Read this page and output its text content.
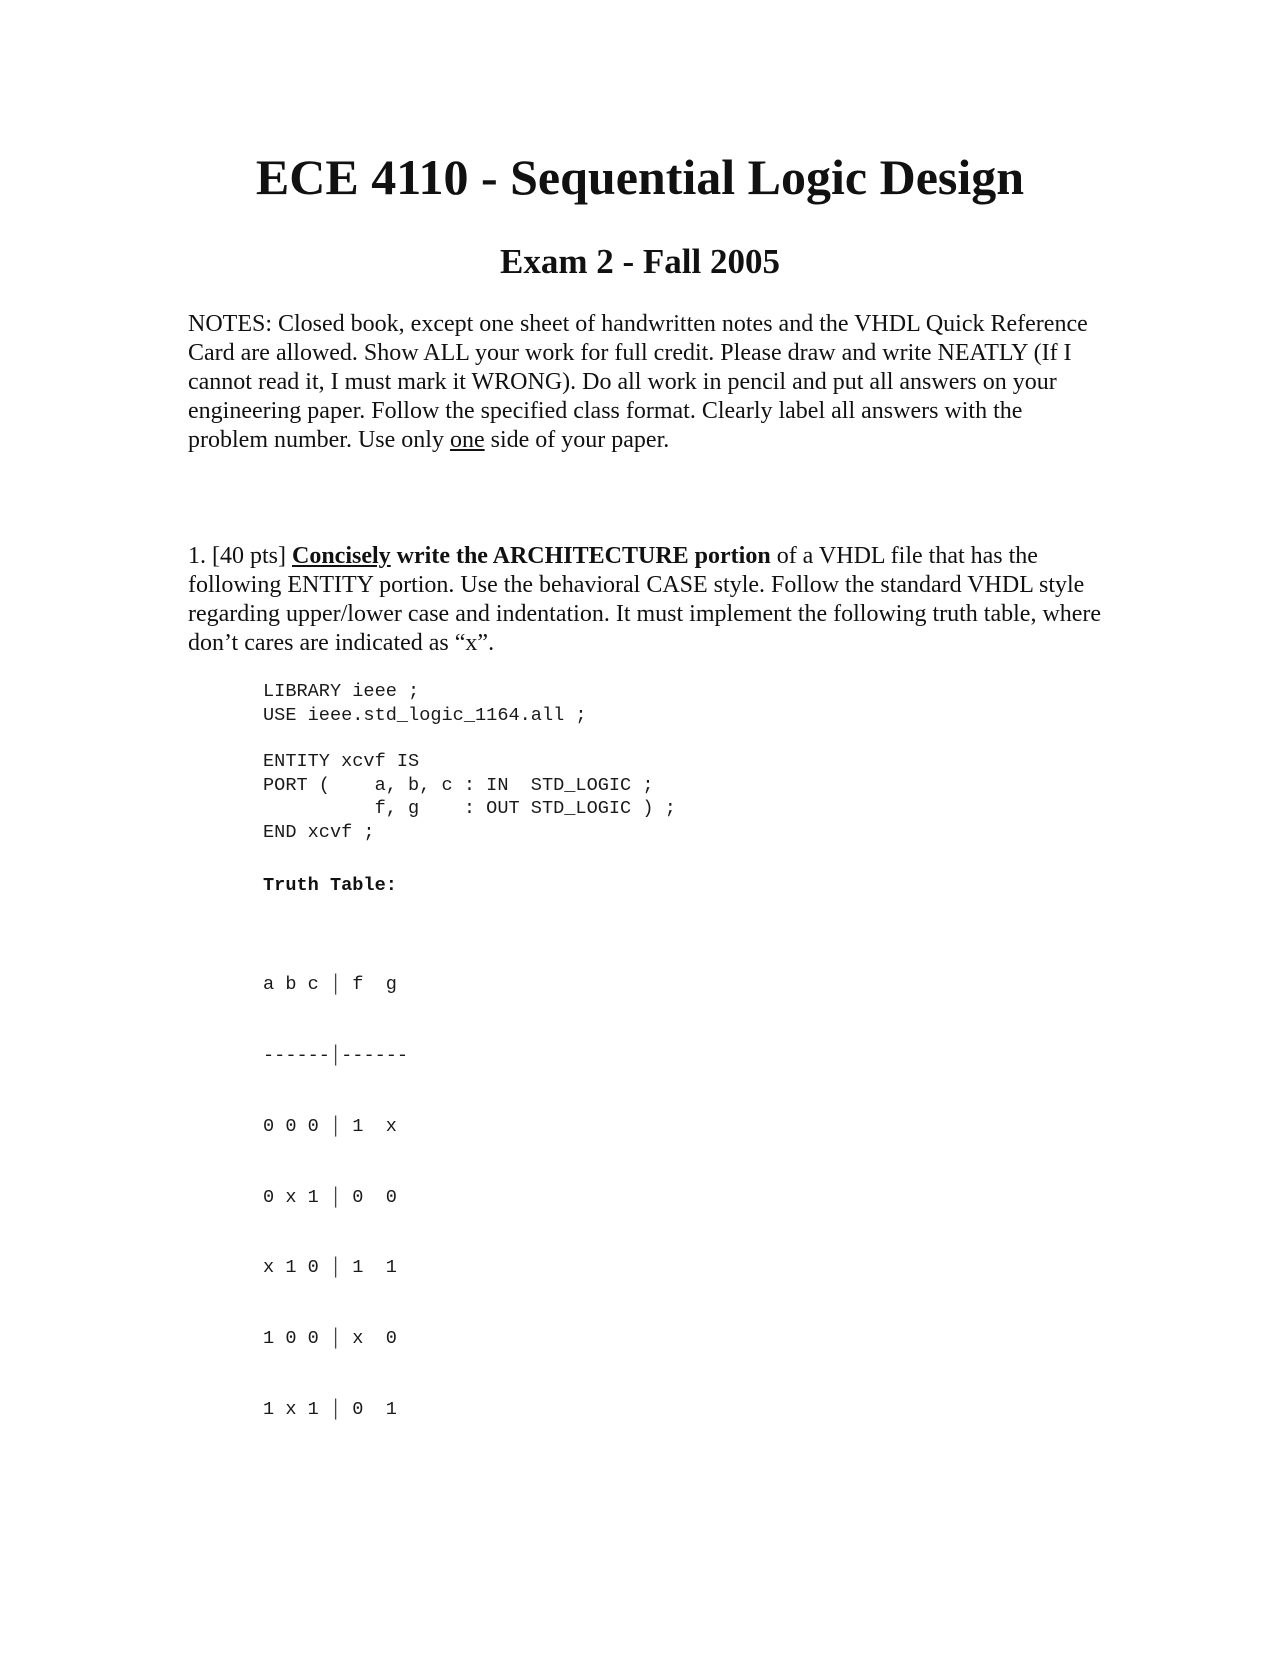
ECE 4110 - Sequential Logic Design
Exam 2 - Fall 2005

NOTES: Closed book, except one sheet of handwritten notes and the VHDL Quick Reference Card are allowed. Show ALL your work for full credit. Please draw and write NEATLY (If I cannot read it, I must mark it WRONG). Do all work in pencil and put all answers on your engineering paper. Follow the specified class format. Clearly label all answers with the problem number. Use only one side of your paper.

1. [40 pts] Concisely write the ARCHITECTURE portion of a VHDL file that has the following ENTITY portion. Use the behavioral CASE style. Follow the standard VHDL style regarding upper/lower case and indentation. It must implement the following truth table, where don’t cares are indicated as “x”.

LIBRARY ieee ;
USE ieee.std_logic_1164.all ;
ENTITY xcvf IS
PORT (    a, b, c : IN  STD_LOGIC ;
f, g    : OUT STD_LOGIC ) ;
END xcvf ;
Truth Table:

a b c │ f  g

------│------

0 0 0 │ 1  x

0 x 1 │ 0  0

x 1 0 │ 1  1

1 0 0 │ x  0

1 x 1 │ 0  1
